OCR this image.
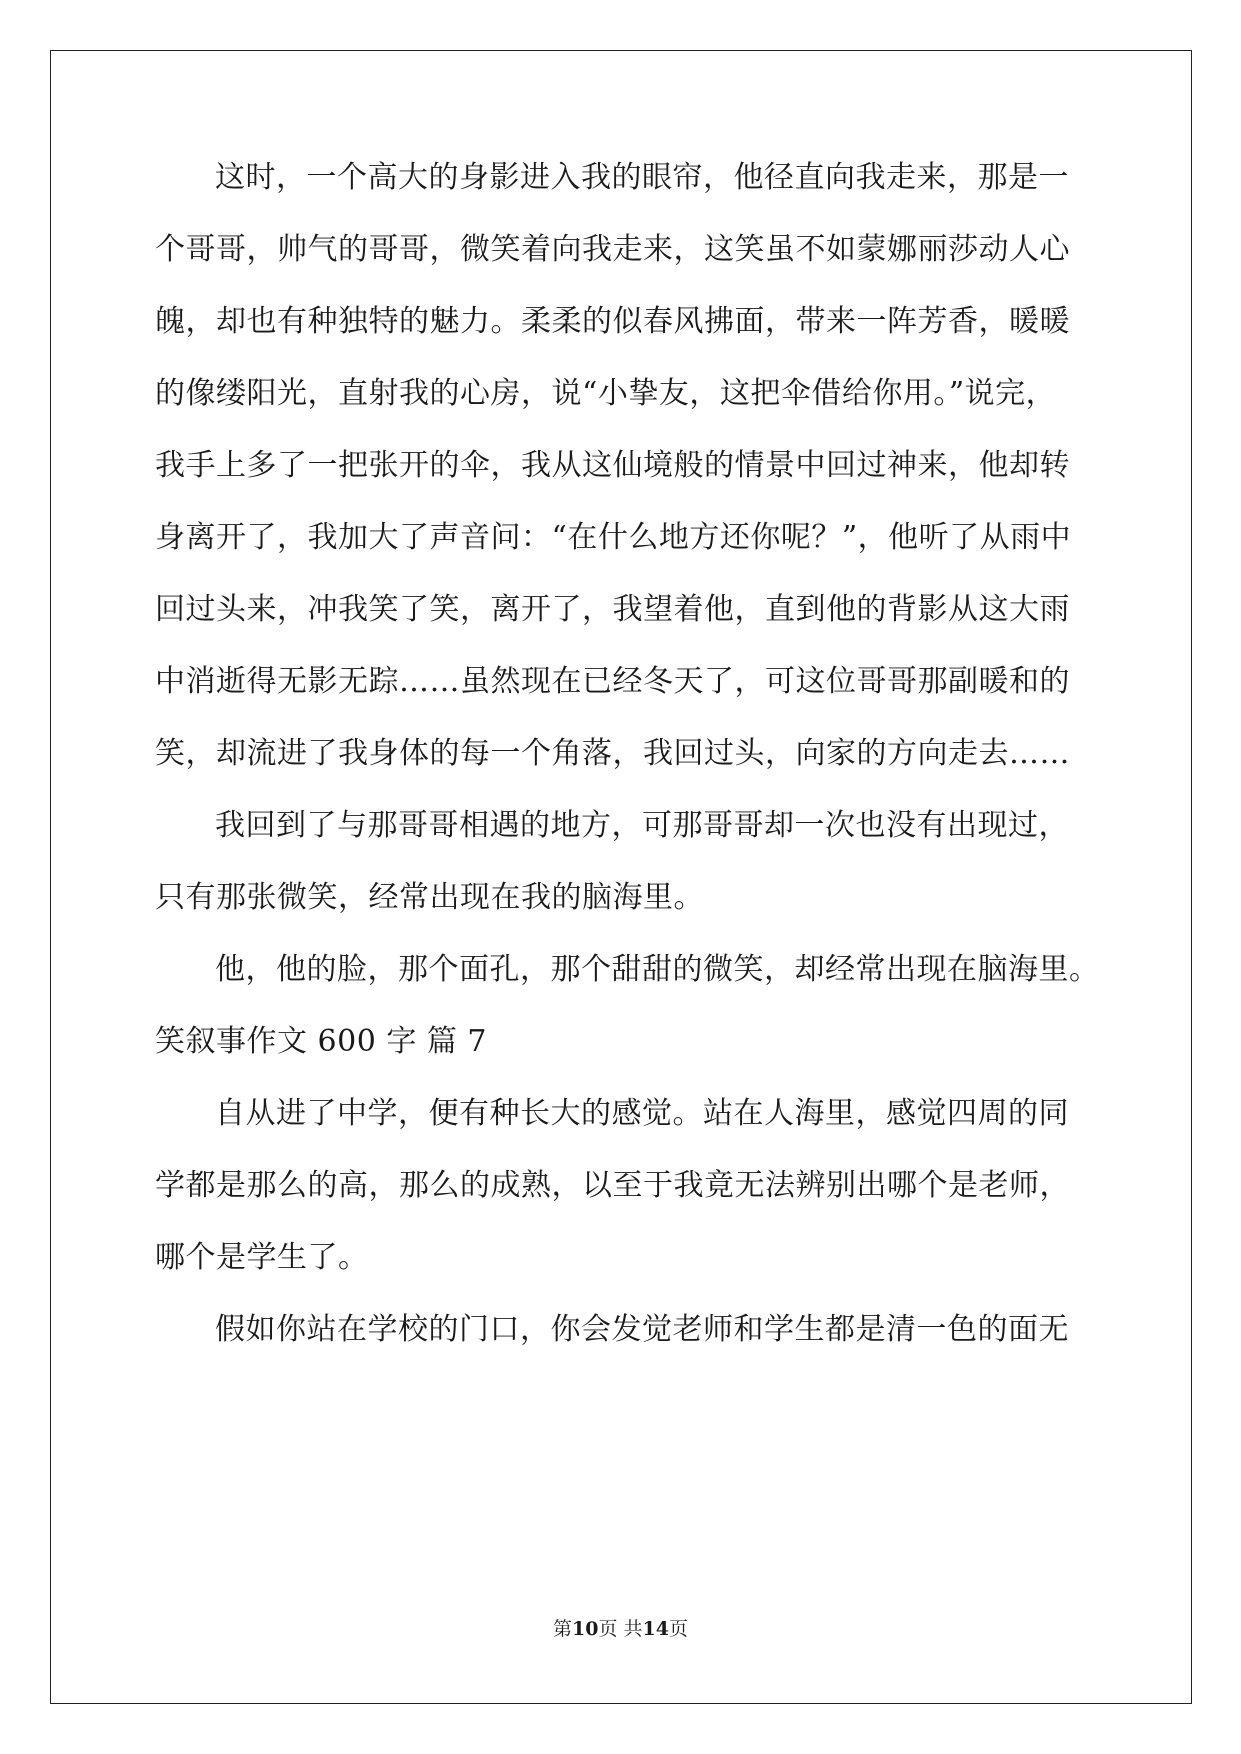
这时，一个高大的身影进入我的眼帘，他径直向我走来，那是一
个哥哥，帅气的哥哥，微笑着向我走来，这笑虽不如蒙娜丽莎动人心
魄，却也有种独特的魅力。柔柔的似春风拂面，带来一阵芳香，暖暖
的像缕阳光，直射我的心房，说“小挚友，这把伞借给你用。”说完，
我手上多了一把张开的伞，我从这仙境般的情景中回过神来，他却转
身离开了，我加大了声音问：“在什么地方还你呢？”，他听了从雨中
回过头来，冲我笑了笑，离开了，我望着他，直到他的背影从这大雨
中消逝得无影无踪……虽然现在已经冬天了，可这位哥哥那副暖和的
笑，却流进了我身体的每一个角落，我回过头，向家的方向走去……
我回到了与那哥哥相遇的地方，可那哥哥却一次也没有出现过，
只有那张微笑，经常出现在我的脑海里。
他，他的脸，那个面孔，那个甜甜的微笑，却经常出现在脑海里。
笑叙事作文 600 字 篇 7
自从进了中学，便有种长大的感觉。站在人海里，感觉四周的同
学都是那么的高，那么的成熟，以至于我竟无法辨别出哪个是老师，
哪个是学生了。
假如你站在学校的门口，你会发觉老师和学生都是清一色的面无
第10页 共14页
